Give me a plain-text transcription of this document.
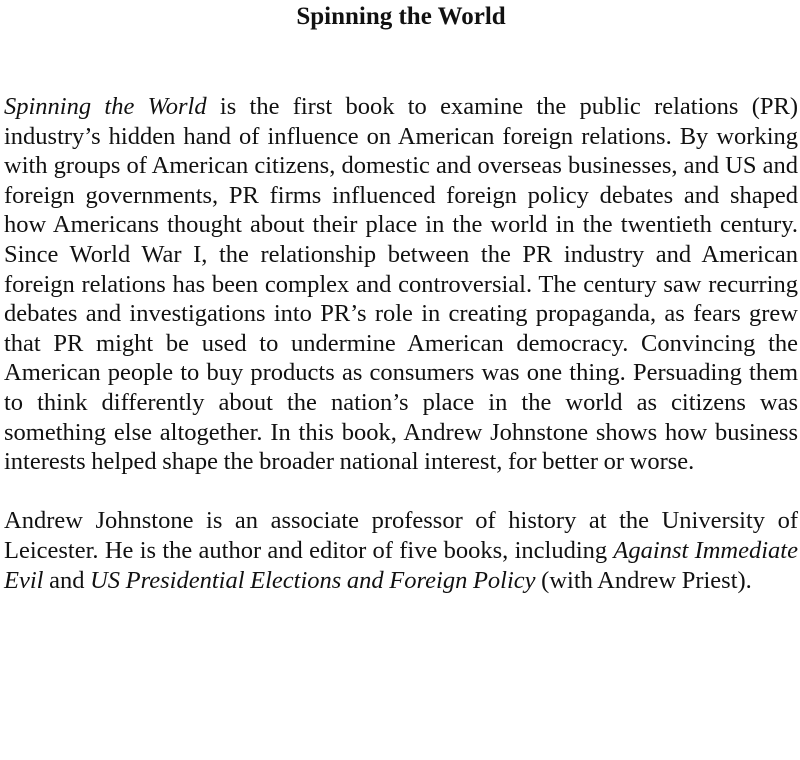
Spinning the World

Spinning the World is the first book to examine the public relations (PR) industry’s hidden hand of influence on American foreign relations. By working with groups of American citizens, domestic and overseas businesses, and US and foreign governments, PR firms influenced foreign policy debates and shaped how Americans thought about their place in the world in the twentieth century. Since World War I, the relationship between the PR industry and American foreign relations has been complex and controversial. The century saw recurring debates and investigations into PR’s role in creating propaganda, as fears grew that PR might be used to undermine American democracy. Convincing the American people to buy products as consumers was one thing. Persuading them to think differently about the nation’s place in the world as citizens was something else altogether. In this book, Andrew Johnstone shows how business interests helped shape the broader national interest, for better or worse.

Andrew Johnstone is an associate professor of history at the University of Leicester. He is the author and editor of five books, including Against Immediate Evil and US Presidential Elections and Foreign Policy (with Andrew Priest).
